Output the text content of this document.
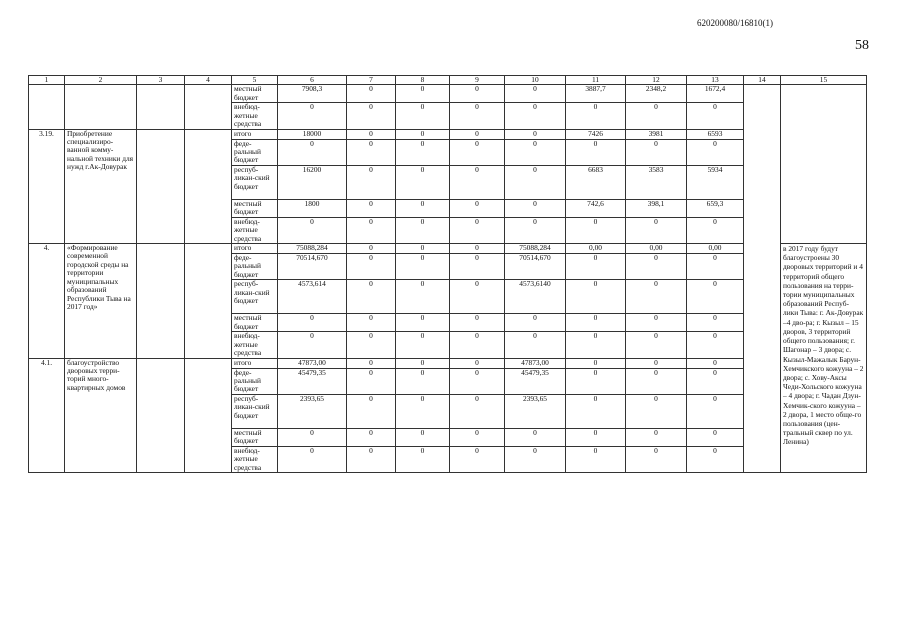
620200080/16810(1)
58
1	2	3	4	5	6	7	8	9	10	11	12	13	14	15
				местный бюджет	7908,3	0	0	0	0	3887,7	2348,2	1672,4		
				внебюд-жетные средства	0	0	0	0	0	0	0	0		
3.19.	Приобретение специализиро-ванной комму-нальной техники для нужд г.Ак-Довурак			итого	18000	0	0	0	0	7426	3981	6593		
				феде-ральный бюджет	0	0	0	0	0	0	0	0		
				респуб-ликан-ский бюджет	16200	0	0	0	0	6683	3583	5934		
				местный бюджет	1800	0	0	0	0	742,6	398,1	659,3		
				внебюд-жетные средства	0	0	0	0	0	0	0	0		
4.	«Формирование современной городской среды на территории муниципальных образований Республики Тыва на 2017 год»			итого	75088,284	0	0	0	75088,284	0,00	0,00	0,00		в 2017 году будут благоустроены 30 дворовых территорий и 4 территорий общего пользования на терри-тории муниципальных образований Респуб-лики Тыва: г. Ак-Довурак –4 дво-ра; г. Кызыл – 15 дворов, 3 территорий общего пользования; г. Шагонар – 3 двора; с. Кызыл-Мажалык Барун-Хемчикского кожууна – 2 двора; с. Хову-Аксы Чеди-Хольского кожууна – 4 двора; г. Чадан Дзун-Хемчик-ского кожууна – 2 двора, 1 место обще-го пользования (цен-тральный сквер по ул. Ленина)
				феде-ральный бюджет	70514,670	0	0	0	70514,670	0	0	0		
				респуб-ликан-ский бюджет	4573,614	0	0	0	4573,6140	0	0	0		
				местный бюджет	0	0	0	0	0	0	0	0		
				внебюд-жетные средства	0	0	0	0	0	0	0	0		
4.1.	благоустройство дворовых терри-торий много-квартирных домов			итого	47873,00	0	0	0	47873,00	0	0	0		
				феде-ральный бюджет	45479,35	0	0	0	45479,35	0	0	0		
				респуб-ликан-ский бюджет	2393,65	0	0	0	2393,65	0	0	0		
				местный бюджет	0	0	0	0	0	0	0	0		
				внебюд-жетные средства	0	0	0	0	0	0	0	0		
